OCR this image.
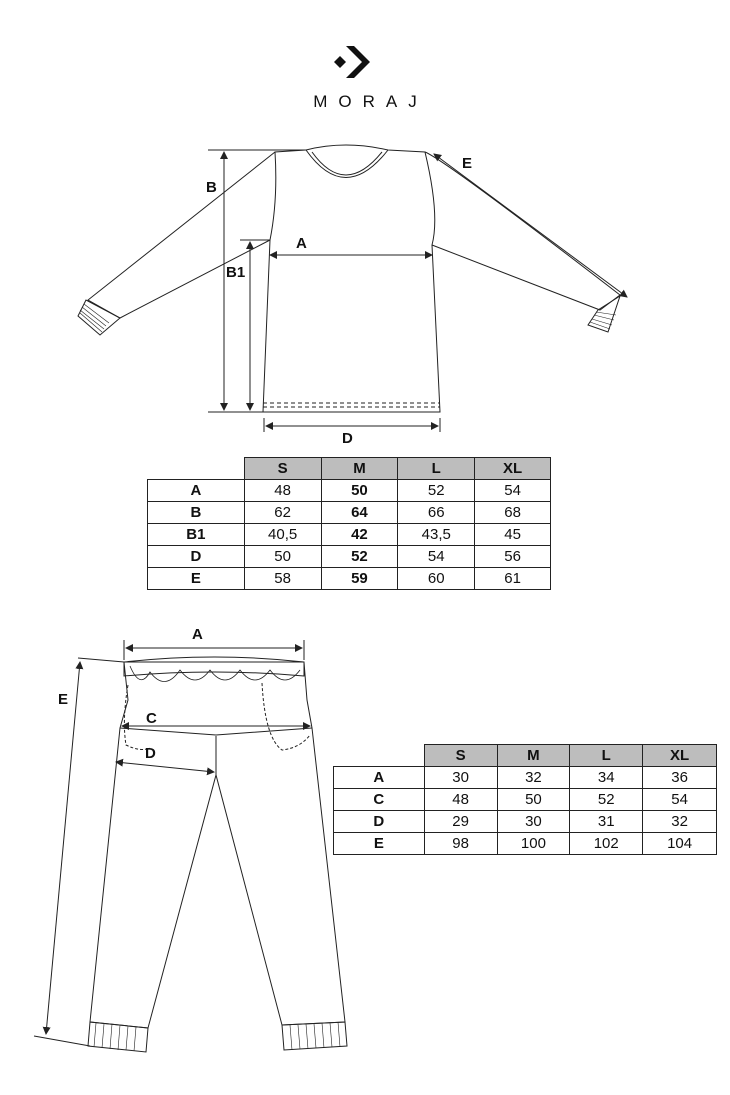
MORAJ
B
B1
A
D
E
A
E
C
D
	S	M	L	XL
A	48	50	52	54
B	62	64	66	68
B1	40,5	42	43,5	45
D	50	52	54	56
E	58	59	60	61
	S	M	L	XL
A	30	32	34	36
C	48	50	52	54
D	29	30	31	32
E	98	100	102	104
